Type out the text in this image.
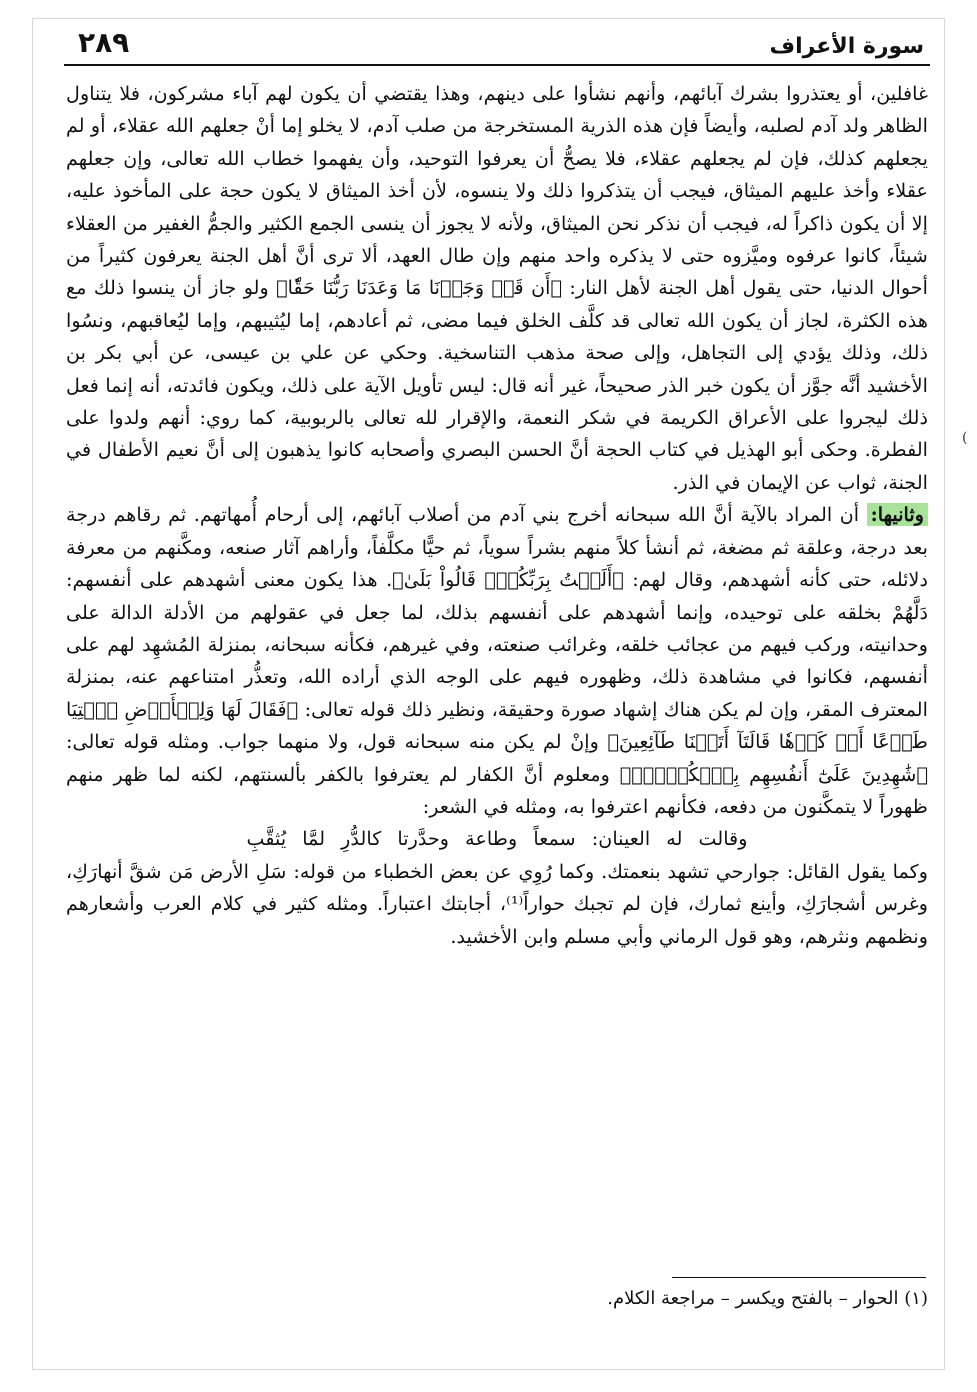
سورة الأعراف
٢٨٩

غافلين، أو يعتذروا بشرك آبائهم، وأنهم نشأوا على دينهم، وهذا يقتضي أن يكون لهم آباء مشركون، فلا يتناول الظاهر ولد آدم لصلبه، وأيضاً فإن هذه الذرية المستخرجة من صلب آدم، لا يخلو إما أنْ جعلهم الله عقلاء، أو لم يجعلهم كذلك، فإن لم يجعلهم عقلاء، فلا يصحُّ أن يعرفوا التوحيد، وأن يفهموا خطاب الله تعالى، وإن جعلهم عقلاء وأخذ عليهم الميثاق، فيجب أن يتذكروا ذلك ولا ينسوه، لأن أخذ الميثاق لا يكون حجة على المأخوذ عليه، إلا أن يكون ذاكراً له، فيجب أن نذكر نحن الميثاق، ولأنه لا يجوز أن ينسى الجمع الكثير والجمُّ الغفير من العقلاء شيئاً، كانوا عرفوه وميَّزوه حتى لا يذكره واحد منهم وإن طال العهد، ألا ترى أنَّ أهل الجنة يعرفون كثيراً من أحوال الدنيا، حتى يقول أهل الجنة لأهل النار: ﴿أَن قَدۡ وَجَدۡنَا مَا وَعَدَنَا رَبُّنَا حَقّٗا﴾ ولو جاز أن ينسوا ذلك مع هذه الكثرة، لجاز أن يكون الله تعالى قد كلَّف الخلق فيما مضى، ثم أعادهم، إما ليُثيبهم، وإما ليُعاقبهم، ونسُوا ذلك، وذلك يؤدي إلى التجاهل، وإلى صحة مذهب التناسخية. وحكي عن علي بن عيسى، عن أبي بكر بن الأخشيد أنَّه جوَّز أن يكون خبر الذر صحيحاً، غير أنه قال: ليس تأويل الآية على ذلك، ويكون فائدته، أنه إنما فعل ذلك ليجروا على الأعراق الكريمة في شكر النعمة، والإقرار لله تعالى بالربوبية، كما روي: أنهم ولدوا على الفطرة. وحكى أبو الهذيل في كتاب الحجة أنَّ الحسن البصري وأصحابه كانوا يذهبون إلى أنَّ نعيم الأطفال في الجنة، ثواب عن الإيمان في الذر.

وثانيها: أن المراد بالآية أنَّ الله سبحانه أخرج بني آدم من أصلاب آبائهم، إلى أرحام أُمهاتهم. ثم رقاهم درجة بعد درجة، وعلقة ثم مضغة، ثم أنشأ كلاً منهم بشراً سوياً، ثم حيًّا مكلَّفاً، وأراهم آثار صنعه، ومكَّنهم من معرفة دلائله، حتى كأنه أشهدهم، وقال لهم: ﴿أَلَسۡتُ بِرَبِّكُمۡۖ قَالُواْ بَلَىٰ﴾. هذا يكون معنى أشهدهم على أنفسهم: دَلَّهُمْ بخلقه على توحيده، وإنما أشهدهم على أنفسهم بذلك، لما جعل في عقولهم من الأدلة الدالة على وحدانيته، وركب فيهم من عجائب خلقه، وغرائب صنعته، وفي غيرهم، فكأنه سبحانه، بمنزلة المُشهِد لهم على أنفسهم، فكانوا في مشاهدة ذلك، وظهوره فيهم على الوجه الذي أراده الله، وتعذُّر امتناعهم عنه، بمنزلة المعترف المقر، وإن لم يكن هناك إشهاد صورة وحقيقة، ونظير ذلك قوله تعالى: ﴿فَقَالَ لَهَا وَلِلۡأَرۡضِ ٱئۡتِيَا طَوۡعًا أَوۡ كَرۡهٗا قَالَتَآ أَتَيۡنَا طَآئِعِينَ﴾ وإنْ لم يكن منه سبحانه قول، ولا منهما جواب. ومثله قوله تعالى: ﴿شَٰهِدِينَ عَلَىٰٓ أَنفُسِهِم بِٱلۡكُفۡرِۚ﴾ ومعلوم أنَّ الكفار لم يعترفوا بالكفر بألسنتهم، لكنه لما ظهر منهم ظهوراً لا يتمكَّنون من دفعه، فكأنهم اعترفوا به، ومثله في الشعر:

وقالت له العينان: سمعاً وطاعة وحدَّرتا كالدُّرِ لمَّا يُثقَّبِ

وكما يقول القائل: جوارحي تشهد بنعمتك. وكما رُوِي عن بعض الخطباء من قوله: سَلِ الأرض مَن شقَّ أنهارَكِ، وغرس أشجارَكِ، وأينع ثمارك، فإن لم تجبك حواراً⁽¹⁾، أجابتك اعتباراً. ومثله كثير في كلام العرب وأشعارهم ونظمهم ونثرهم، وهو قول الرماني وأبي مسلم وابن الأخشيد.

(١) الحوار – بالفتح ويكسر – مراجعة الكلام.
(
